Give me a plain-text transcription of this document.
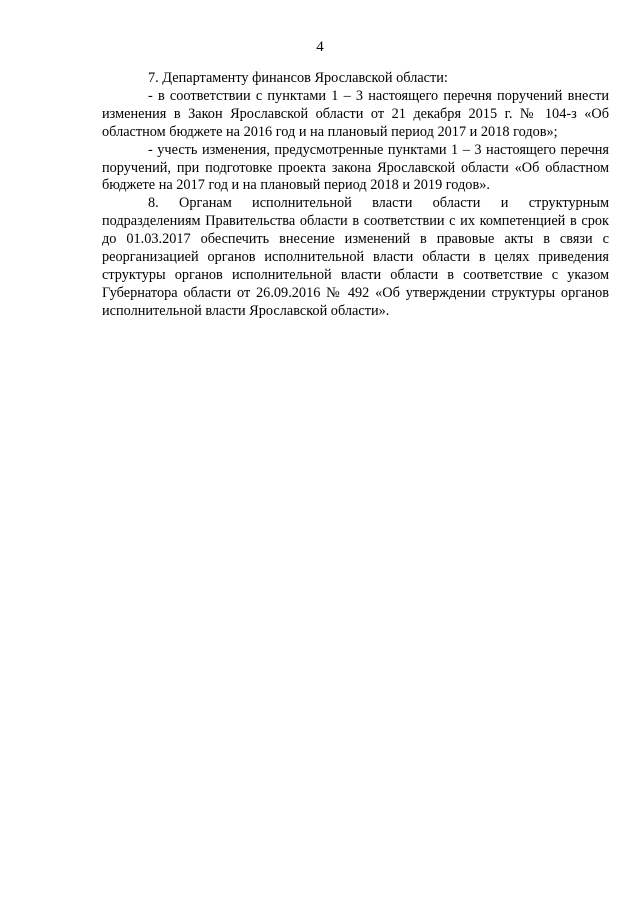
4

7. Департаменту финансов Ярославской области:

- в соответствии с пунктами 1 – 3 настоящего перечня поручений внести изменения в Закон Ярославской области от 21 декабря 2015 г. № 104-з «Об областном бюджете на 2016 год и на плановый период 2017 и 2018 годов»;

- учесть изменения, предусмотренные пунктами 1 – 3 настоящего перечня поручений, при подготовке проекта закона Ярославской области «Об областном бюджете на 2017 год и на плановый период 2018 и 2019 годов».

8. Органам исполнительной власти области и структурным подразделениям Правительства области в соответствии с их компетенцией в срок до 01.03.2017 обеспечить внесение изменений в правовые акты в связи с реорганизацией органов исполнительной власти области в целях приведения структуры органов исполнительной власти области в соответствие с указом Губернатора области от 26.09.2016 № 492 «Об утверждении структуры органов исполнительной власти Ярославской области».
